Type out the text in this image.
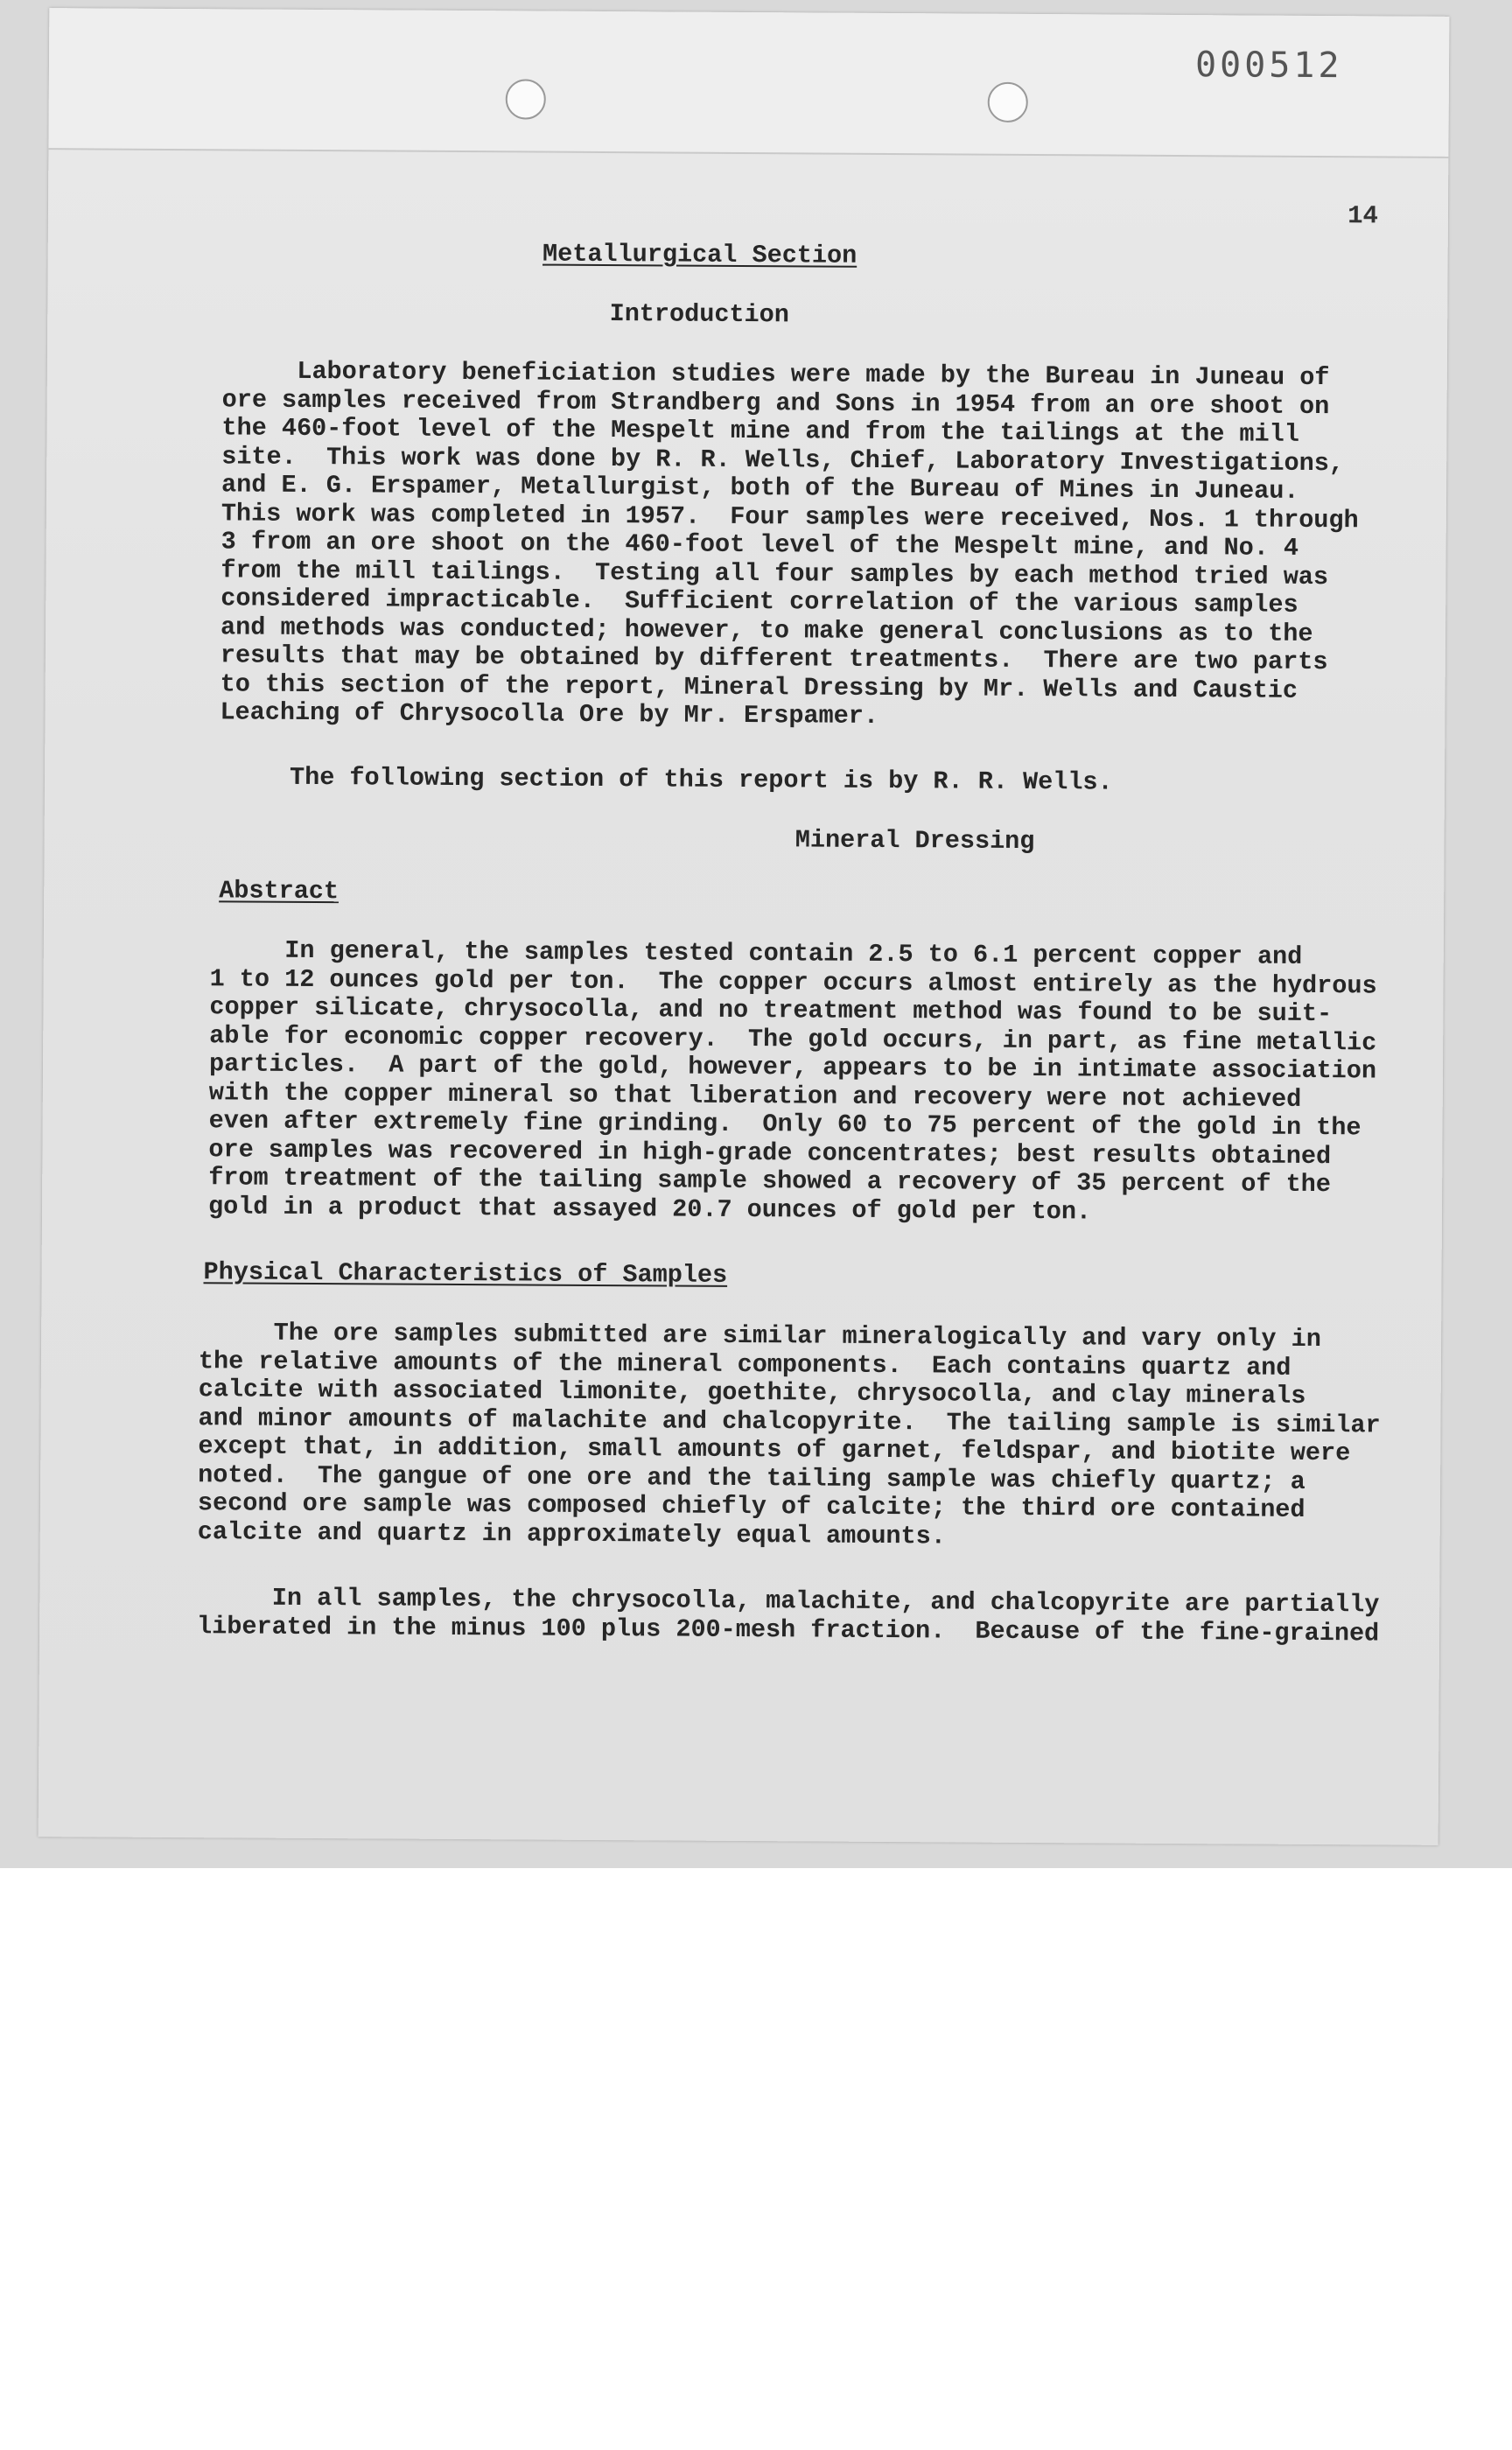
000512
14
Metallurgical Section
Introduction
Laboratory beneficiation studies were made by the Bureau in Juneau of
ore samples received from Strandberg and Sons in 1954 from an ore shoot on
the 460-foot level of the Mespelt mine and from the tailings at the mill
site.  This work was done by R. R. Wells, Chief, Laboratory Investigations,
and E. G. Erspamer, Metallurgist, both of the Bureau of Mines in Juneau.
This work was completed in 1957.  Four samples were received, Nos. 1 through
3 from an ore shoot on the 460-foot level of the Mespelt mine, and No. 4
from the mill tailings.  Testing all four samples by each method tried was
considered impracticable.  Sufficient correlation of the various samples
and methods was conducted; however, to make general conclusions as to the
results that may be obtained by different treatments.  There are two parts
to this section of the report, Mineral Dressing by Mr. Wells and Caustic
Leaching of Chrysocolla Ore by Mr. Erspamer.
The following section of this report is by R. R. Wells.
Mineral Dressing
Abstract
In general, the samples tested contain 2.5 to 6.1 percent copper and
1 to 12 ounces gold per ton.  The copper occurs almost entirely as the hydrous
copper silicate, chrysocolla, and no treatment method was found to be suit-
able for economic copper recovery.  The gold occurs, in part, as fine metallic
particles.  A part of the gold, however, appears to be in intimate association
with the copper mineral so that liberation and recovery were not achieved
even after extremely fine grinding.  Only 60 to 75 percent of the gold in the
ore samples was recovered in high-grade concentrates; best results obtained
from treatment of the tailing sample showed a recovery of 35 percent of the
gold in a product that assayed 20.7 ounces of gold per ton.
Physical Characteristics of Samples
The ore samples submitted are similar mineralogically and vary only in
the relative amounts of the mineral components.  Each contains quartz and
calcite with associated limonite, goethite, chrysocolla, and clay minerals
and minor amounts of malachite and chalcopyrite.  The tailing sample is similar
except that, in addition, small amounts of garnet, feldspar, and biotite were
noted.  The gangue of one ore and the tailing sample was chiefly quartz; a
second ore sample was composed chiefly of calcite; the third ore contained
calcite and quartz in approximately equal amounts.
In all samples, the chrysocolla, malachite, and chalcopyrite are partially
liberated in the minus 100 plus 200-mesh fraction.  Because of the fine-grained
